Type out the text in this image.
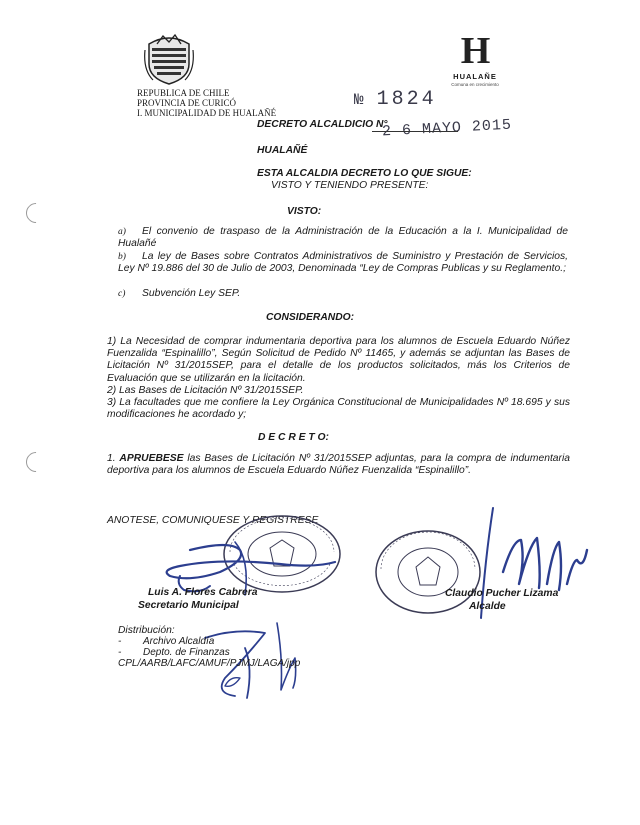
REPUBLICA DE CHILE
PROVINCIA DE CURICÓ
I. MUNICIPALIDAD DE HUALAÑÉ
H
HUALAÑE
Comuna en crecimiento
№ 1824
2 6 MAYO 2015
DECRETO ALCALDICIO N°
HUALAÑÉ
ESTA ALCALDIA DECRETO LO QUE SIGUE:
VISTO Y TENIENDO PRESENTE:
VISTO:
a)	El convenio de traspaso de la Administración de la Educación a la I. Municipalidad de Hualañé

b)	La ley de Bases sobre Contratos Administrativos de Suministro y Prestación de Servicios, Ley Nº 19.886 del 30 de Julio de 2003, Denominada “Ley de Compras Publicas y su Reglamento.;

c)	Subvención Ley SEP.

CONSIDERANDO:

1) La Necesidad de comprar indumentaria deportiva para los alumnos de Escuela Eduardo Núñez Fuenzalida “Espinalillo”, Según Solicitud de Pedido Nº 11465, y además se adjuntan las Bases de Licitación Nº 31/2015SEP, para el detalle de los productos solicitados, más los Criterios de Evaluación que se utilizarán en la licitación.

2) Las Bases de Licitación Nº 31/2015SEP.

3) La facultades que me confiere la Ley Orgánica Constitucional de Municipalidades Nº 18.695 y sus modificaciones he acordado y;

D E C R E T O:

1. APRUEBESE las Bases de Licitación Nº 31/2015SEP adjuntas, para la compra de indumentaria deportiva para los alumnos de Escuela Eduardo Núñez Fuenzalida “Espinalillo”.

ANOTESE, COMUNIQUESE Y REGISTRESE
Luis A. Flores Cabrera
Secretario Municipal
Claudio Pucher Lizama
Alcalde
Distribución:
- Archivo Alcaldía
- Depto. de Finanzas
CPL/AARB/LAFC/AMUF/PJMJ/LAGA/jpp
